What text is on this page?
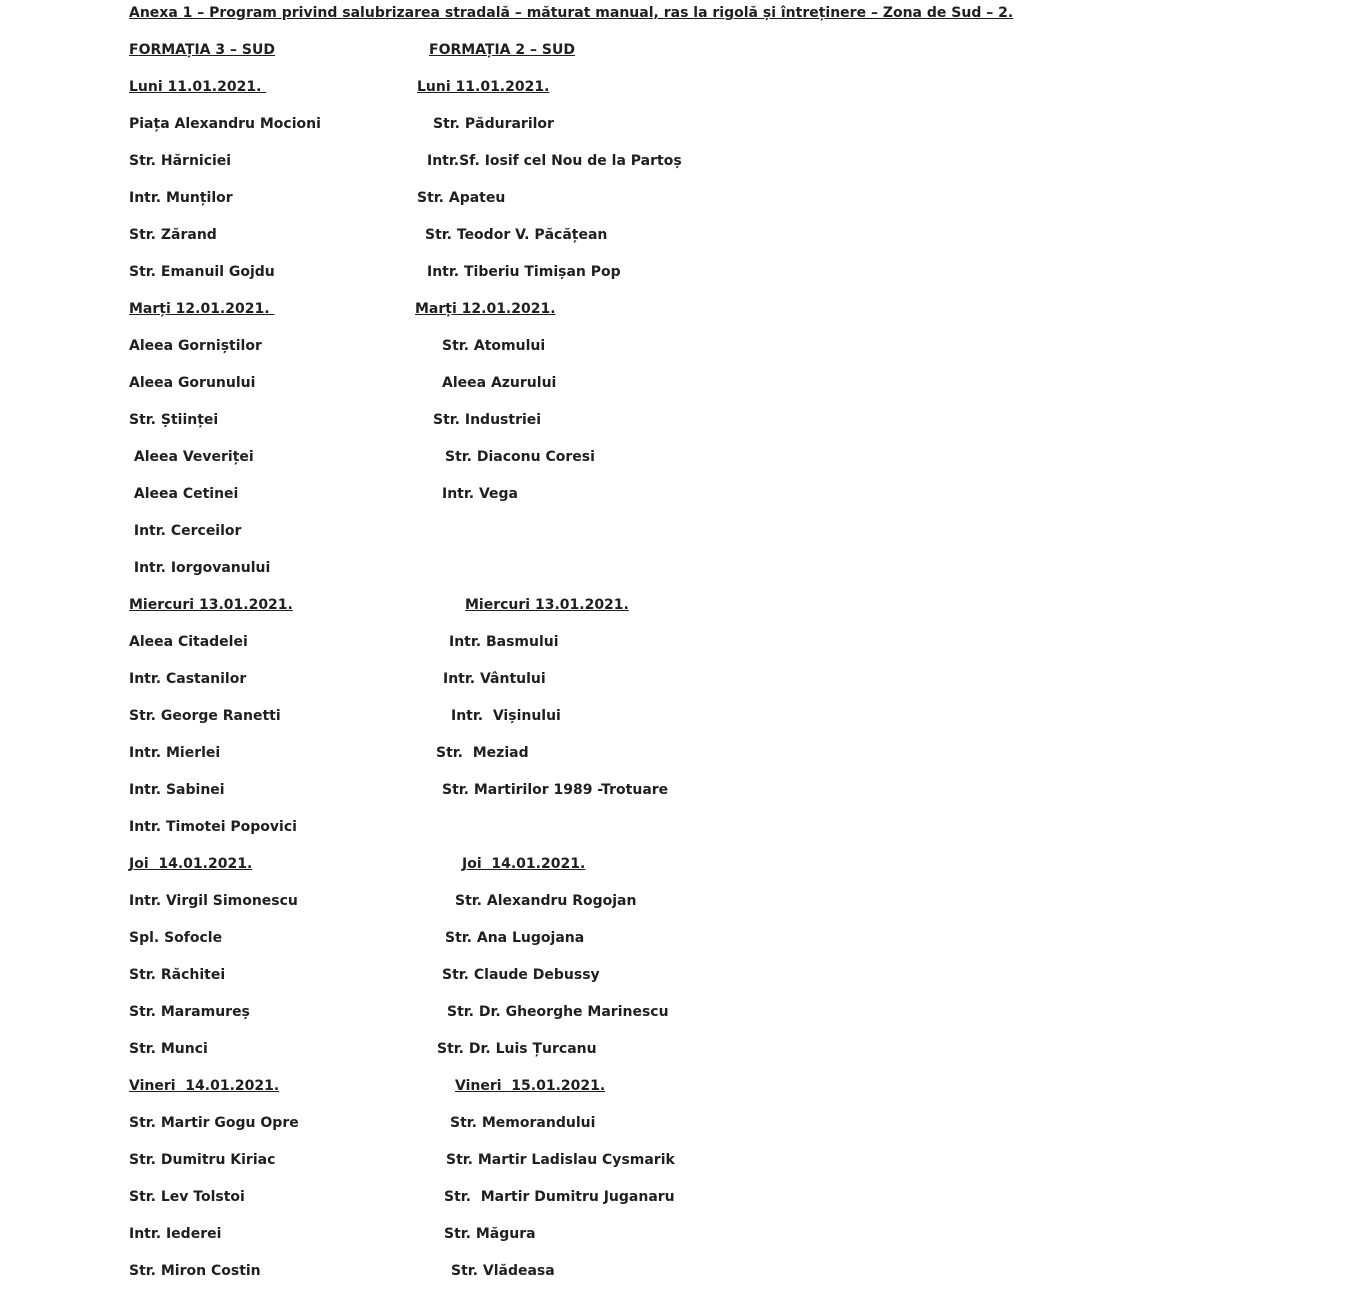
Anexa 1 – Program privind salubrizarea stradală – măturat manual, ras la rigolă și întreținere – Zona de Sud – 2.
FORMAȚIA 3 – SUD	FORMAȚIA 2 – SUD
Luni 11.01.2021.	Luni 11.01.2021.
Piața Alexandru Mocioni	Str. Pădurarilor
Str. Hărniciei	Intr.Sf. Iosif cel Nou de la Partoș
Intr. Munților	Str. Apateu
Str. Zărand	Str. Teodor V. Păcățean
Str. Emanuil Gojdu	Intr. Tiberiu Timișan Pop
Marți 12.01.2021.	Marți 12.01.2021.
Aleea Gorniștilor	Str. Atomului
Aleea Gorunului	Aleea Azurului
Str. Științei	Str. Industriei
Aleea Veveriței	Str. Diaconu Coresi
Aleea Cetinei	Intr. Vega
Intr. Cerceilor
Intr. Iorgovanului
Miercuri 13.01.2021.	Miercuri 13.01.2021.
Aleea Citadelei	Intr. Basmului
Intr. Castanilor	Intr. Vântului
Str. George Ranetti	Intr.  Vișinului
Intr. Mierlei	Str.  Meziad
Intr. Sabinei	Str. Martirilor 1989 -Trotuare
Intr. Timotei Popovici
Joi  14.01.2021.	Joi  14.01.2021.
Intr. Virgil Simonescu	Str. Alexandru Rogojan
Spl. Sofocle	Str. Ana Lugojana
Str. Răchitei	Str. Claude Debussy
Str. Maramureș	Str. Dr. Gheorghe Marinescu
Str. Munci	Str. Dr. Luis Țurcanu
Vineri  14.01.2021.	Vineri  15.01.2021.
Str. Martir Gogu Opre	Str. Memorandului
Str. Dumitru Kiriac	Str. Martir Ladislau Cysmarik
Str. Lev Tolstoi	Str.  Martir Dumitru Juganaru
Intr. Iederei	Str. Măgura
Str. Miron Costin	Str. Vlădeasa
